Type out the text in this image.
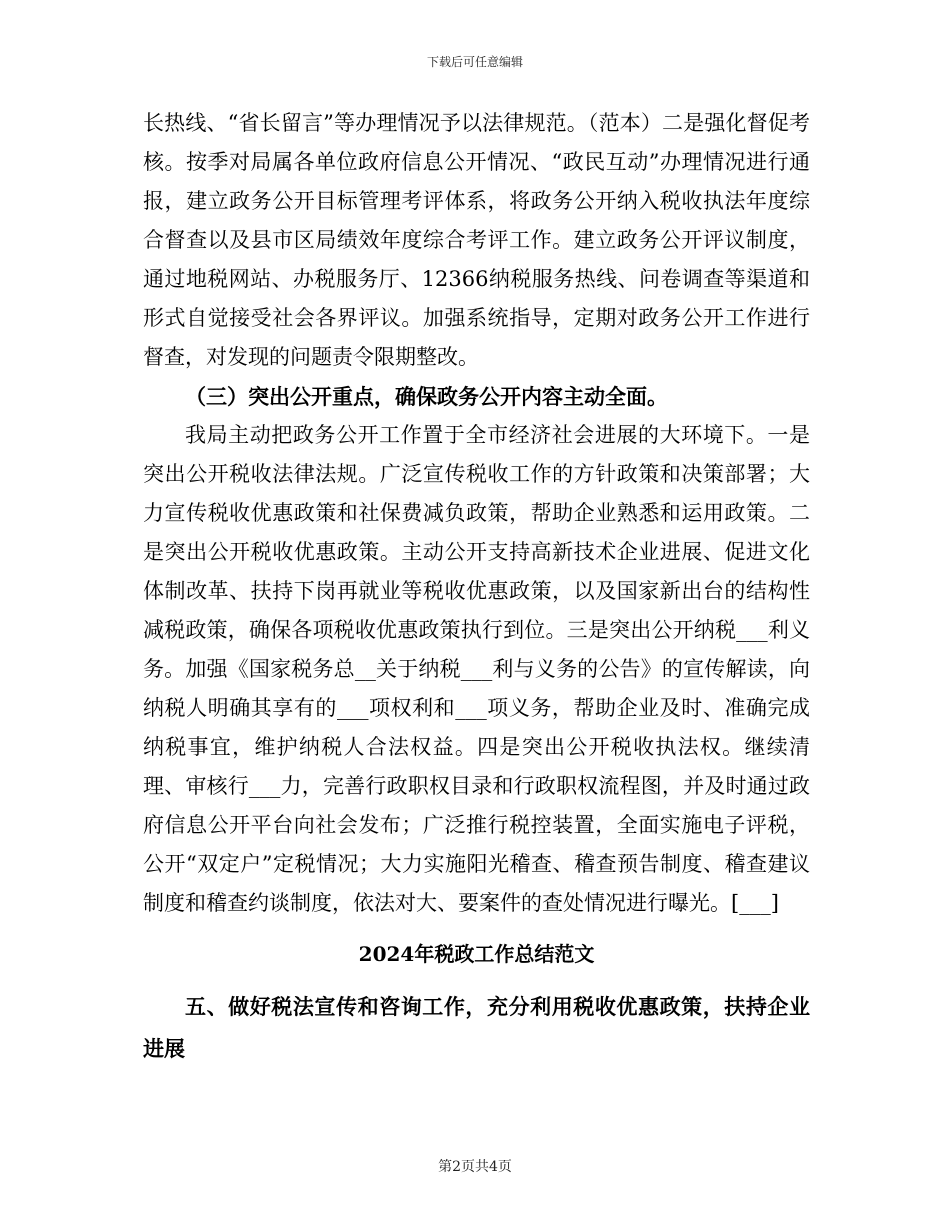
下载后可任意编辑

长热线、“省长留言”等办理情况予以法律规范。（范本）二是强化督促考核。按季对局属各单位政府信息公开情况、“政民互动”办理情况进行通报，建立政务公开目标管理考评体系，将政务公开纳入税收执法年度综合督查以及县市区局绩效年度综合考评工作。建立政务公开评议制度，通过地税网站、办税服务厅、12366纳税服务热线、问卷调查等渠道和形式自觉接受社会各界评议。加强系统指导，定期对政务公开工作进行督查，对发现的问题责令限期整改。

（三）突出公开重点，确保政务公开内容主动全面。

我局主动把政务公开工作置于全市经济社会进展的大环境下。一是突出公开税收法律法规。广泛宣传税收工作的方针政策和决策部署；大力宣传税收优惠政策和社保费减负政策，帮助企业熟悉和运用政策。二是突出公开税收优惠政策。主动公开支持高新技术企业进展、促进文化体制改革、扶持下岗再就业等税收优惠政策，以及国家新出台的结构性减税政策，确保各项税收优惠政策执行到位。三是突出公开纳税___利义务。加强《国家税务总__关于纳税___利与义务的公告》的宣传解读，向纳税人明确其享有的___项权利和___项义务，帮助企业及时、准确完成纳税事宜，维护纳税人合法权益。四是突出公开税收执法权。继续清理、审核行___力，完善行政职权目录和行政职权流程图，并及时通过政府信息公开平台向社会发布；广泛推行税控装置，全面实施电子评税，公开“双定户”定税情况；大力实施阳光稽查、稽查预告制度、稽查建议制度和稽查约谈制度，依法对大、要案件的查处情况进行曝光。[___]

2024年税政工作总结范文

五、做好税法宣传和咨询工作，充分利用税收优惠政策，扶持企业进展

第2页共4页
